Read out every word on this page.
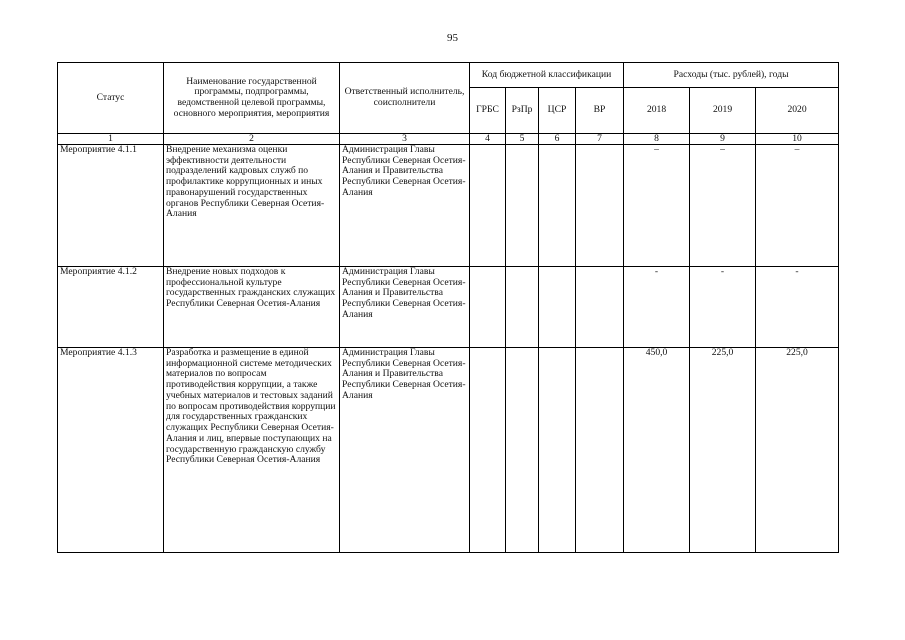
95
Статус	Наименование государственной программы, подпрограммы, ведомственной целевой программы, основного мероприятия, мероприятия	Ответственный исполнитель, соисполнители	Код бюджетной классификации				Расходы (тыс. рублей), годы		
			ГРБС	РзПр	ЦСР	ВР	2018	2019	2020
1	2	3	4	5	6	7	8	9	10
Мероприятие 4.1.1	Внедрение механизма оценки эффективности деятельности подразделений кадровых служб по профилактике коррупционных и иных правонарушений государственных органов Республики Северная Осетия-Алания	Администрация Главы Республики Северная Осетия-Алания и Правительства Республики Северная Осетия-Алания					–	–	–
Мероприятие 4.1.2	Внедрение новых подходов к профессиональной культуре государственных гражданских служащих Республики Северная Осетия-Алания	Администрация Главы Республики Северная Осетия-Алания и Правительства Республики Северная Осетия-Алания					-	-	-
Мероприятие 4.1.3	Разработка и размещение в единой информационной системе методических материалов по вопросам противодействия коррупции, а также учебных материалов и тестовых заданий по вопросам противодействия коррупции для государственных гражданских служащих Республики Северная Осетия-Алания и лиц, впервые поступающих на государственную гражданскую службу Республики Северная Осетия-Алания	Администрация Главы Республики Северная Осетия-Алания и Правительства Республики Северная Осетия-Алания					450,0	225,0	225,0
